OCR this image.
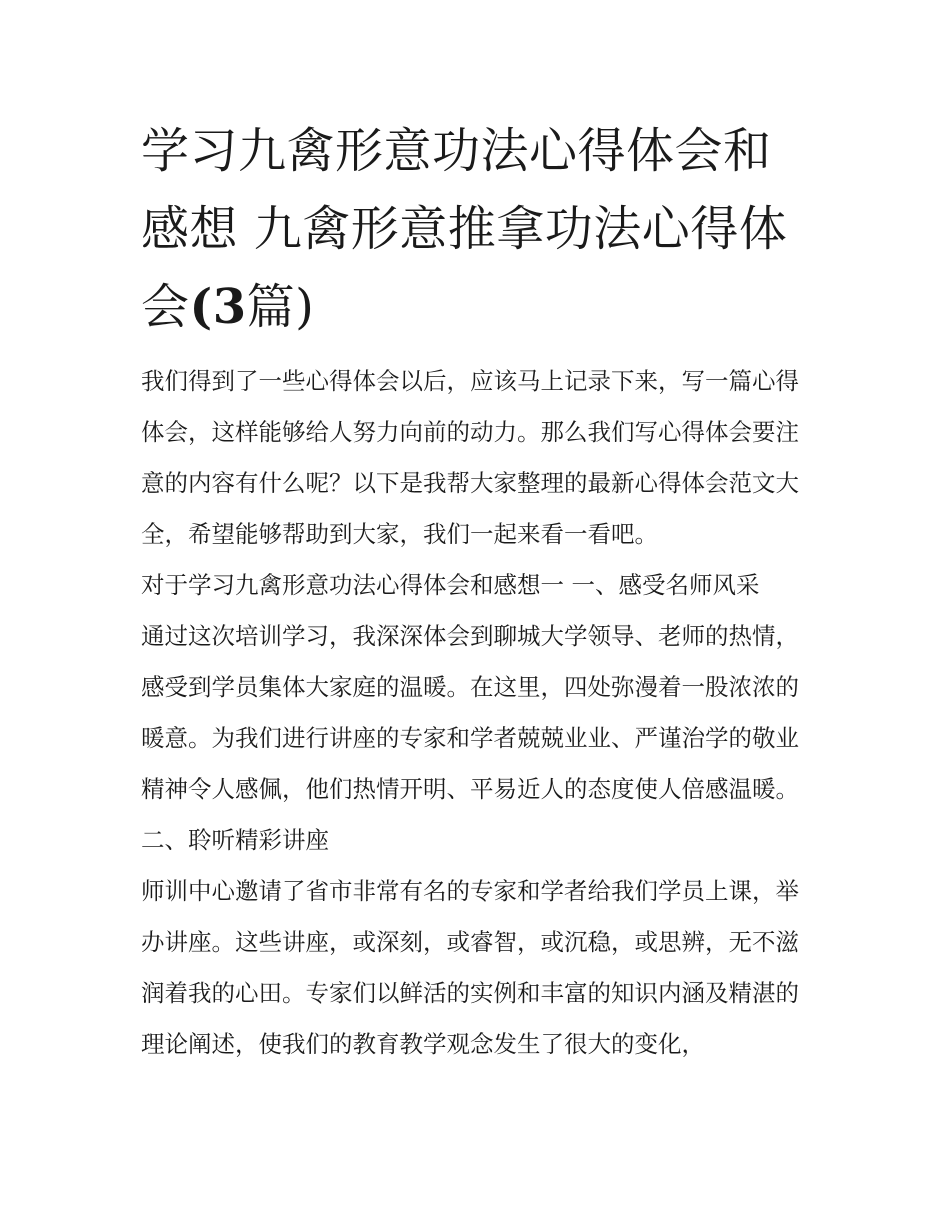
学习九禽形意功法心得体会和感想 九禽形意推拿功法心得体会(3篇)

我们得到了一些心得体会以后，应该马上记录下来，写一篇心得体会，这样能够给人努力向前的动力。那么我们写心得体会要注意的内容有什么呢？以下是我帮大家整理的最新心得体会范文大全，希望能够帮助到大家，我们一起来看一看吧。

对于学习九禽形意功法心得体会和感想一 一、感受名师风采

通过这次培训学习，我深深体会到聊城大学领导、老师的热情，感受到学员集体大家庭的温暖。在这里，四处弥漫着一股浓浓的暖意。为我们进行讲座的专家和学者兢兢业业、严谨治学的敬业精神令人感佩，他们热情开明、平易近人的态度使人倍感温暖。

二、聆听精彩讲座

师训中心邀请了省市非常有名的专家和学者给我们学员上课，举办讲座。这些讲座，或深刻，或睿智，或沉稳，或思辨，无不滋润着我的心田。专家们以鲜活的实例和丰富的知识内涵及精湛的理论阐述，使我们的教育教学观念发生了很大的变化，
